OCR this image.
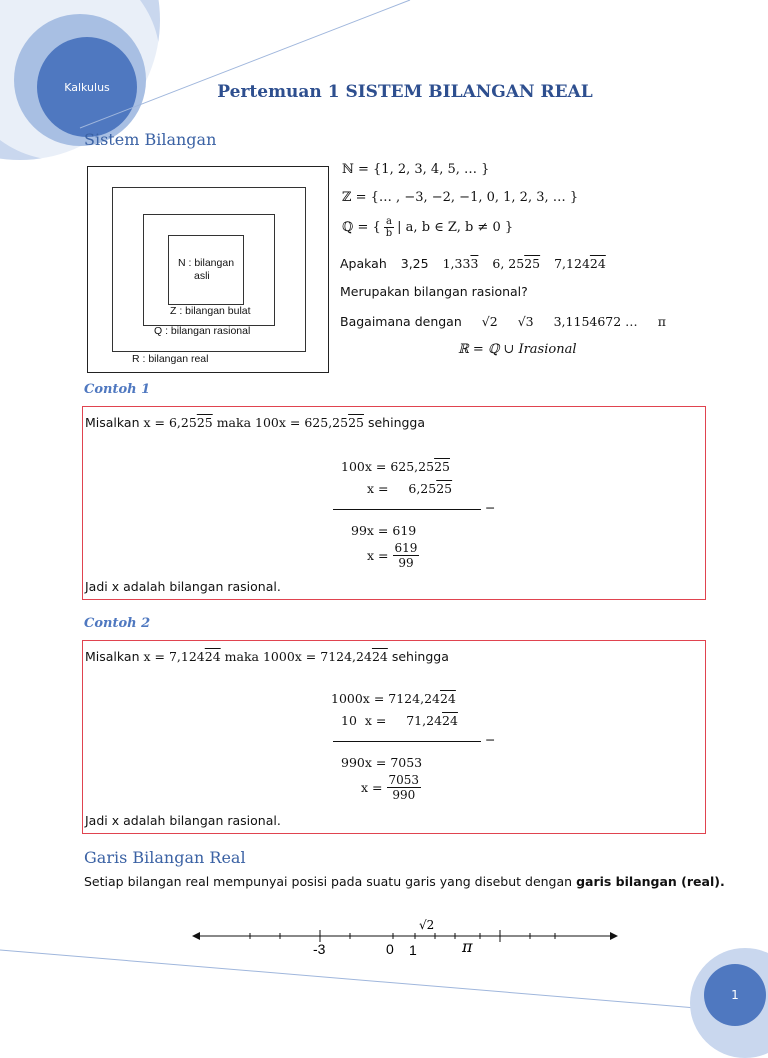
Kalkulus	Pertemuan 1 SISTEM BILANGAN REAL
Sistem Bilangan
N : bilangan
asli
Z : bilangan bulat
Q : bilangan rasional
R : bilangan real
ℕ = {1, 2, 3, 4, 5, … }
ℤ = {… , −3, −2, −1, 0, 1, 2, 3, … }
ℚ = { $\frac{a}{b}$ | a, b ∈ Z, b ≠ 0 }
Apakah 3,25 1,333 6, 2525 7,12424
Merupakan bilangan rasional?
Bagaimana dengan √2 √3 3,1154672 … π
ℝ = ℚ ∪ Irasional
Contoh 1
Misalkan x = 6,2525 maka 100x = 625,2525 sehingga
100x = 625,2525
x = 6,2525
−
99x = 619
$x = \frac{619}{99}$
Jadi x adalah bilangan rasional.
Contoh 2
Misalkan x = 7,12424 maka 1000x = 7124,2424 sehingga
1000x = 7124,2424
10  x = 71,2424
−
990x = 7053
$x = \frac{7053}{990}$
Jadi x adalah bilangan rasional.
Garis Bilangan Real
Setiap bilangan real mempunyai posisi pada suatu garis yang disebut dengan garis bilangan (real).
-3	0 1
√2
π
1
